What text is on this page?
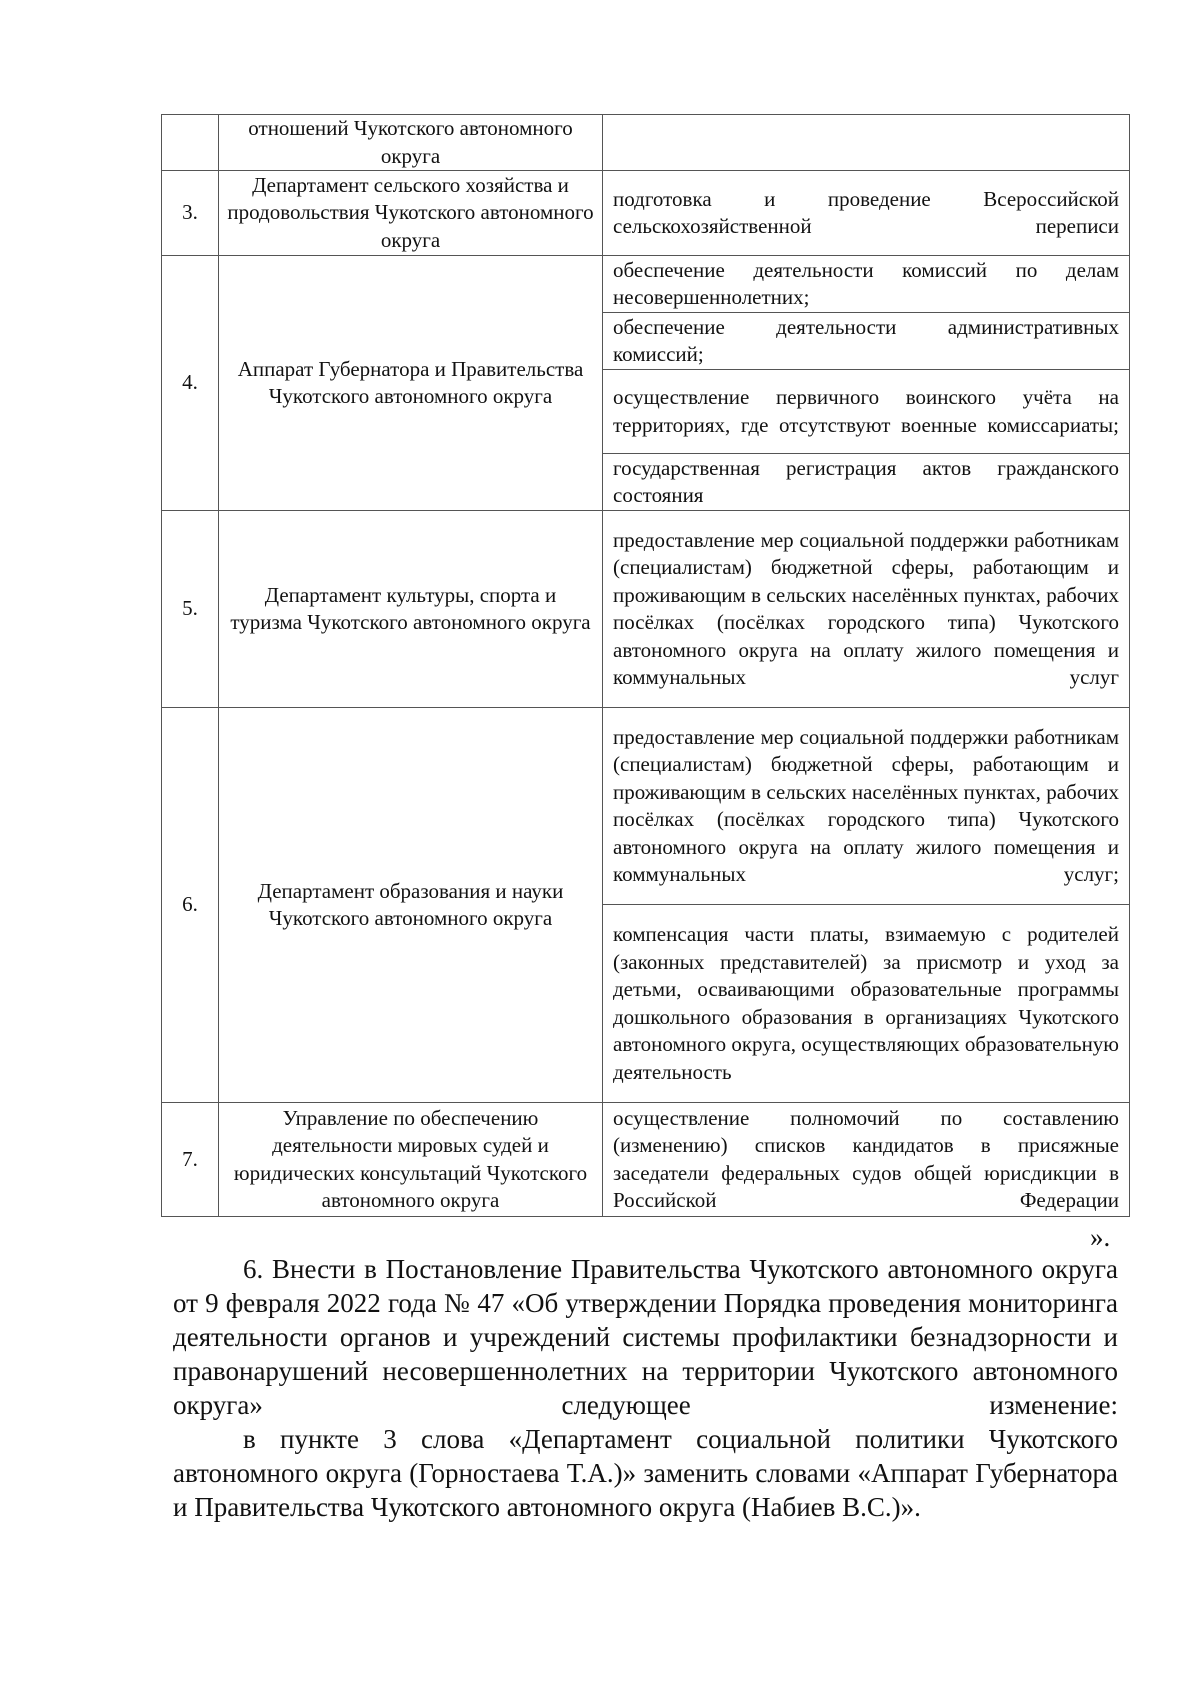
	отношений Чукотского автономного округа	
3.	Департамент сельского хозяйства и продовольствия Чукотского автономного округа	подготовка и проведение Всероссийской сельскохозяйственной переписи
4.	Аппарат Губернатора и Правительства Чукотского автономного округа	обеспечение деятельности комиссий по делам несовершеннолетних;
		обеспечение деятельности административных комиссий;
		осуществление первичного воинского учёта на территориях, где отсутствуют военные комиссариаты;
		государственная регистрация актов гражданского состояния
5.	Департамент культуры, спорта и туризма Чукотского автономного округа	предоставление мер социальной поддержки работникам (специалистам) бюджетной сферы, работающим и проживающим в сельских населённых пунктах, рабочих посёлках (посёлках городского типа) Чукотского автономного округа на оплату жилого помещения и коммунальных услуг
6.	Департамент образования и науки Чукотского автономного округа	предоставление мер социальной поддержки работникам (специалистам) бюджетной сферы, работающим и проживающим в сельских населённых пунктах, рабочих посёлках (посёлках городского типа) Чукотского автономного округа на оплату жилого помещения и коммунальных услуг;
		компенсация части платы, взимаемую с родителей (законных представителей) за присмотр и уход за детьми, осваивающими образовательные программы дошкольного образования в организациях Чукотского автономного округа, осуществляющих образовательную деятельность
7.	Управление по обеспечению деятельности мировых судей и юридических консультаций Чукотского автономного округа	осуществление полномочий по составлению (изменению) списков кандидатов в присяжные заседатели федеральных судов общей юрисдикции в Российской Федерации
».

6. Внести в Постановление Правительства Чукотского автономного округа от 9 февраля 2022 года № 47 «Об утверждении Порядка проведения мониторинга деятельности органов и учреждений системы профилактики безнадзорности и правонарушений несовершеннолетних на территории Чукотского автономного округа» следующее изменение:

в пункте 3 слова «Департамент социальной политики Чукотского автономного округа (Горностаева Т.А.)» заменить словами «Аппарат Губернатора и Правительства Чукотского автономного округа (Набиев В.С.)».
